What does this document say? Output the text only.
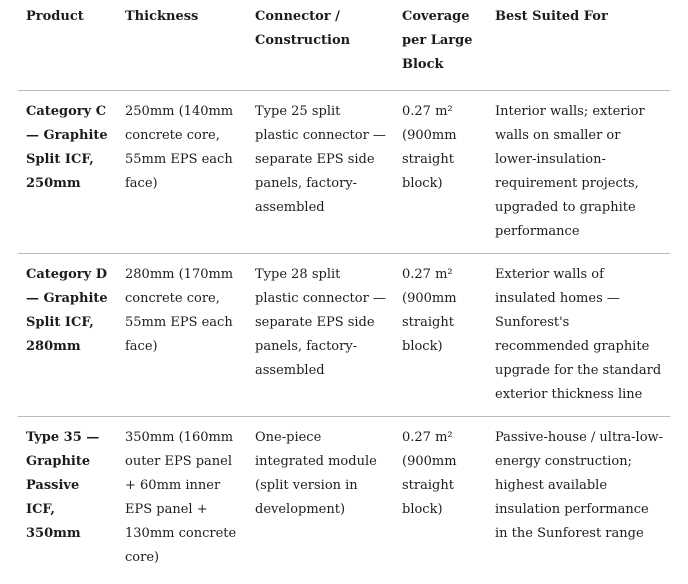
Product	Thickness	Connector / Construction	Coverage per Large Block	Best Suited For
Category C — Graphite Split ICF, 250mm	250mm (140mm concrete core, 55mm EPS each face)	Type 25 split plastic connector — separate EPS side panels, factory-assembled	0.27 m² (900mm straight block)	Interior walls; exterior walls on smaller or lower-insulation-requirement projects, upgraded to graphite performance
Category D — Graphite Split ICF, 280mm	280mm (170mm concrete core, 55mm EPS each face)	Type 28 split plastic connector — separate EPS side panels, factory-assembled	0.27 m² (900mm straight block)	Exterior walls of insulated homes — Sunforest's recommended graphite upgrade for the standard exterior thickness line
Type 35 — Graphite Passive ICF, 350mm	350mm (160mm outer EPS panel + 60mm inner EPS panel + 130mm concrete core)	One-piece integrated module (split version in development)	0.27 m² (900mm straight block)	Passive-house / ultra-low-energy construction; highest available insulation performance in the Sunforest range
